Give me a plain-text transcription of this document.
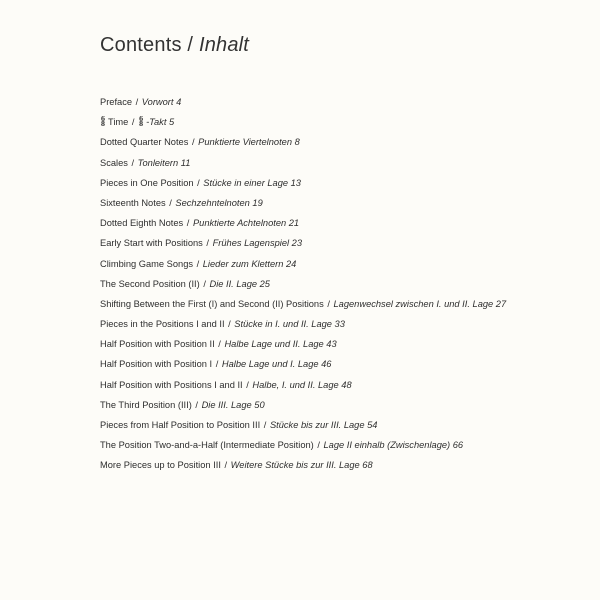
Contents / Inhalt
Preface / Vorwort 4
6
8 Time / 6
8 -Takt 5
Dotted Quarter Notes / Punktierte Viertelnoten 8
Scales / Tonleitern 11
Pieces in One Position / Stücke in einer Lage 13
Sixteenth Notes / Sechzehntelnoten 19
Dotted Eighth Notes / Punktierte Achtelnoten 21
Early Start with Positions / Frühes Lagenspiel 23
Climbing Game Songs / Lieder zum Klettern 24
The Second Position (II) / Die II. Lage 25
Shifting Between the First (I) and Second (II) Positions / Lagenwechsel zwischen I. und II. Lage 27
Pieces in the Positions I and II / Stücke in I. und II. Lage 33
Half Position with Position II / Halbe Lage und II. Lage 43
Half Position with Position I / Halbe Lage und I. Lage 46
Half Position with Positions I and II / Halbe, I. und II. Lage 48
The Third Position (III) / Die III. Lage 50
Pieces from Half Position to Position III / Stücke bis zur III. Lage 54
The Position Two-and-a-Half (Intermediate Position) / Lage II einhalb (Zwischenlage) 66
More Pieces up to Position III / Weitere Stücke bis zur III. Lage 68
